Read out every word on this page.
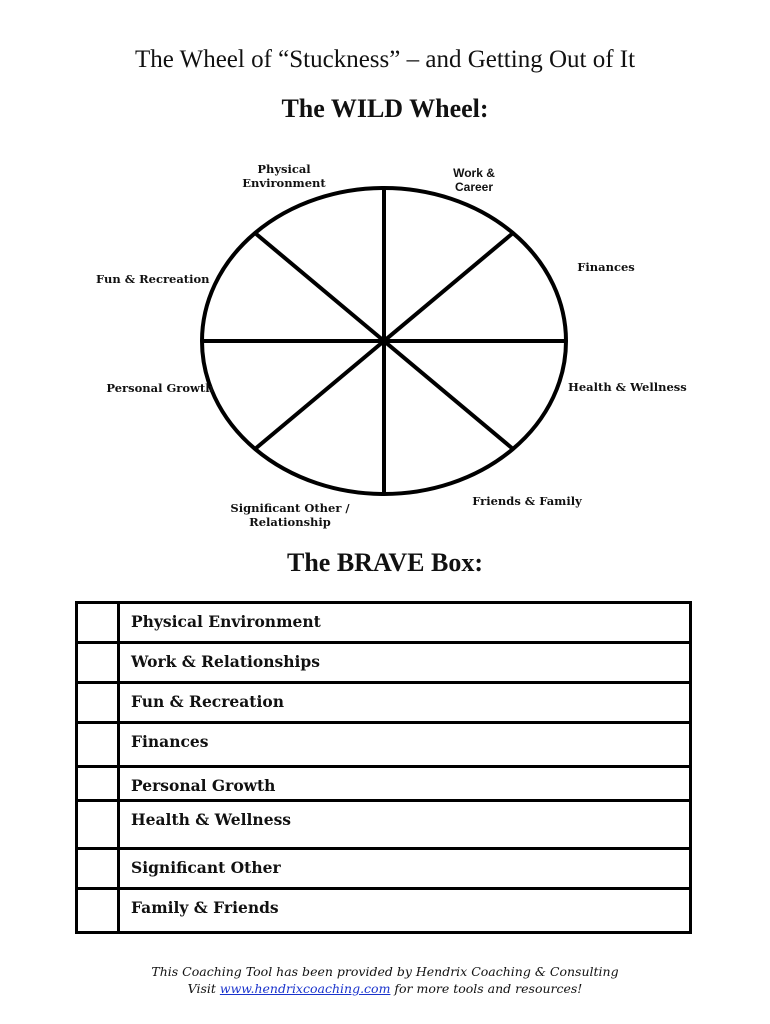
The Wheel of “Stuckness” – and Getting Out of It
The WILD Wheel:
Physical
Environment
Work &
Career
Finances
Health & Wellness
Friends & Family
Significant Other /
Relationship
Personal Growth
Fun & Recreation
The BRAVE Box:
Physical Environment
Work & Relationships
Fun & Recreation
Finances
Personal Growth
Health & Wellness
Significant Other
Family & Friends
This Coaching Tool has been provided by Hendrix Coaching & Consulting
Visit www.hendrixcoaching.com for more tools and resources!
